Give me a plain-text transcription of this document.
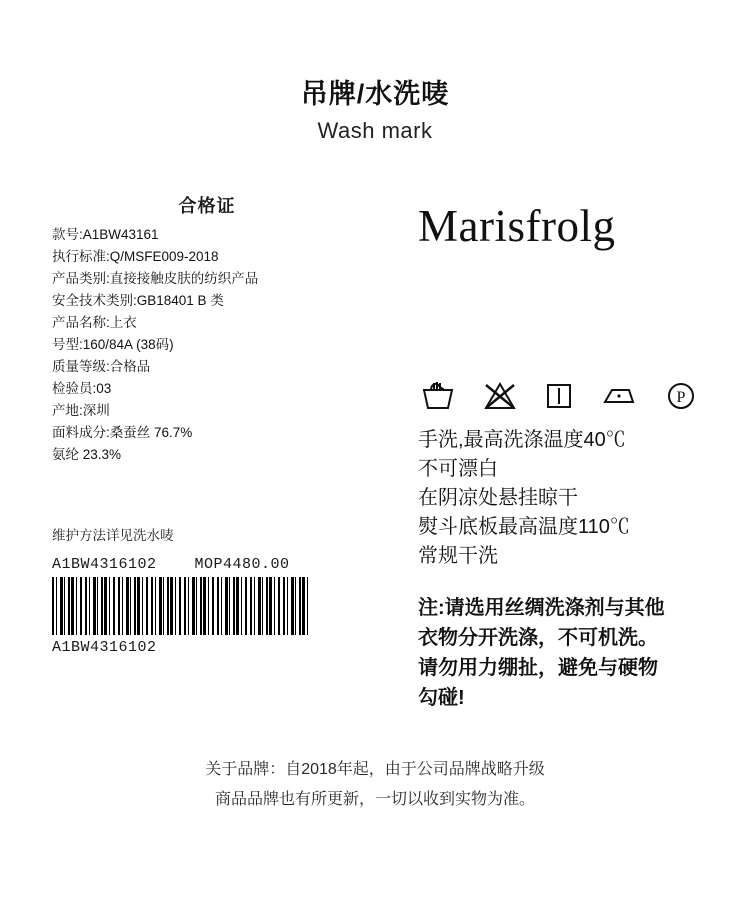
吊牌/水洗唛
Wash mark
合格证
款号:A1BW43161
执行标准:Q/MSFE009-2018
产品类别:直接接触皮肤的纺织产品
安全技术类别:GB18401 B 类
产品名称:上衣
号型:160/84A (38码)
质量等级:合格品
检验员:03
产地:深圳
面料成分:桑蚕丝 76.7%
氨纶 23.3%
维护方法详见洗水唛
A1BW4316102    MOP4480.00
A1BW4316102
Marisfrolg
P
手洗,最高洗涤温度40℃
不可漂白
在阴凉处悬挂晾干
熨斗底板最高温度110℃
常规干洗
注:请选用丝绸洗涤剂与其他
衣物分开洗涤，不可机洗。
请勿用力绷扯，避免与硬物
勾碰!
关于品牌：自2018年起，由于公司品牌战略升级
商品品牌也有所更新，一切以收到实物为准。
